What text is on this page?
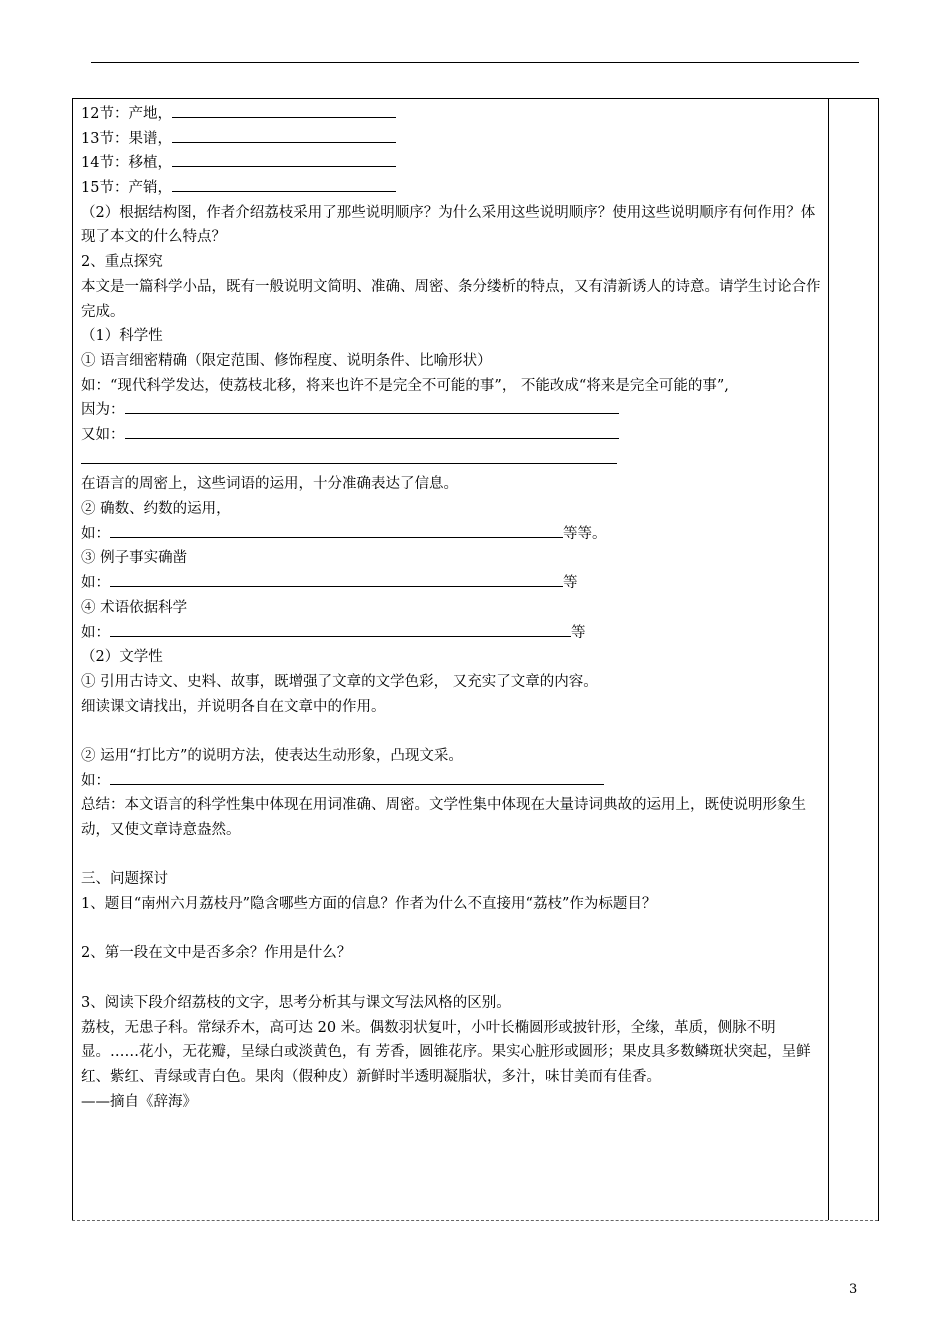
12节：产地，
13节：果谱，
14节：移植，
15节：产销，
（2）根据结构图，作者介绍荔枝采用了那些说明顺序？为什么采用这些说明顺序？使用这些说明顺序有何作用？体现了本文的什么特点？
2、重点探究
本文是一篇科学小品，既有一般说明文简明、准确、周密、条分缕析的特点，又有清新诱人的诗意。请学生讨论合作完成。
（1）科学性
① 语言细密精确（限定范围、修饰程度、说明条件、比喻形状）
如：“现代科学发达，使荔枝北移，将来也许不是完全不可能的事”， 不能改成“将来是完全可能的事”,
因为：
又如：
在语言的周密上，这些词语的运用，十分准确表达了信息。
② 确数、约数的运用，
如：	等等。
③ 例子事实确凿
如：	等
④ 术语依据科学
如：	等
（2）文学性
① 引用古诗文、史料、故事，既增强了文章的文学色彩， 又充实了文章的内容。
细读课文请找出，并说明各自在文章中的作用。
② 运用“打比方”的说明方法，使表达生动形象，凸现文采。
如：
总结：本文语言的科学性集中体现在用词准确、周密。文学性集中体现在大量诗词典故的运用上，既使说明形象生动，又使文章诗意盎然。
三、问题探讨
1、题目“南州六月荔枝丹”隐含哪些方面的信息？作者为什么不直接用“荔枝”作为标题目？
2、第一段在文中是否多余？作用是什么？
3、阅读下段介绍荔枝的文字，思考分析其与课文写法风格的区别。
荔枝，无患子科。常绿乔木，高可达 20 米。偶数羽状复叶，小叶长椭圆形或披针形，全缘，革质，侧脉不明显。……花小，无花瓣，呈绿白或淡黄色，有 芳香，圆锥花序。果实心脏形或圆形；果皮具多数鳞斑状突起，呈鲜红、紫红、青绿或青白色。果肉（假种皮）新鲜时半透明凝脂状，多汁，味甘美而有佳香。
——摘自《辞海》
3
